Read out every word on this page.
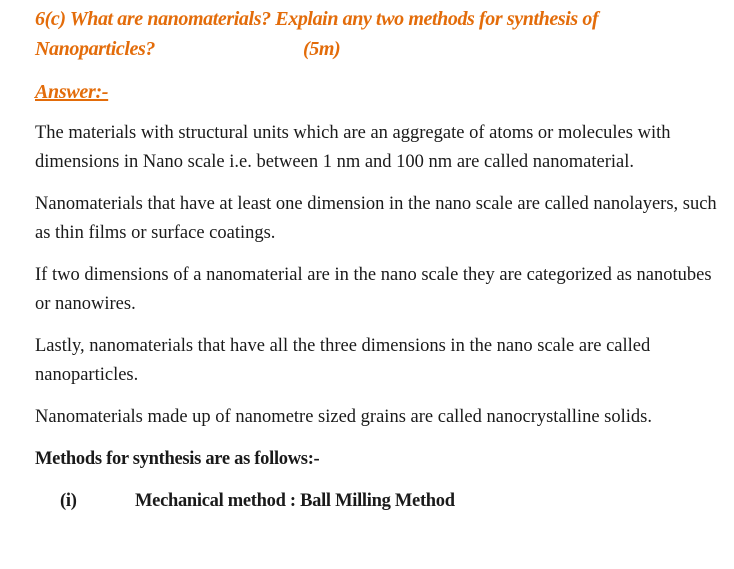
6(c) What are nanomaterials? Explain any two methods for synthesis of
Nanoparticles?	(5m)

Answer:-

The materials with structural units which are an aggregate of atoms or molecules with dimensions in Nano scale i.e. between 1 nm and 100 nm are called nanomaterial.

Nanomaterials that have at least one dimension in the nano scale are called nanolayers, such as thin films or surface coatings.

If two dimensions of a nanomaterial are in the nano scale they are categorized as nanotubes or nanowires.

Lastly, nanomaterials that have all the three dimensions in the nano scale are called nanoparticles.

Nanomaterials made up of nanometre sized grains are called nanocrystalline solids.

Methods for synthesis are as follows:-

(i)	Mechanical method : Ball Milling Method
